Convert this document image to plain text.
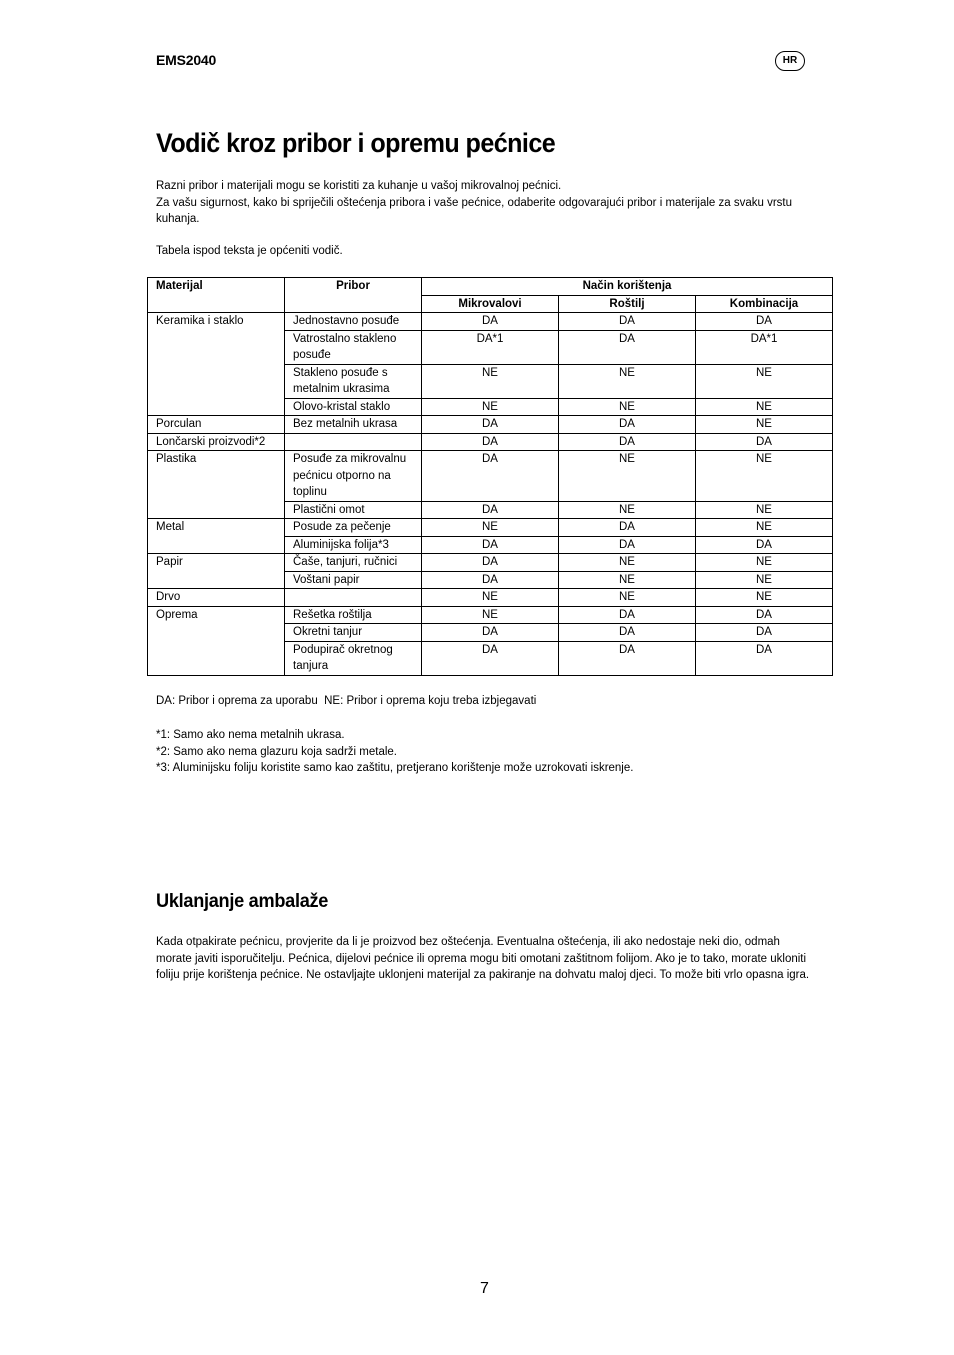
EMS2040	HR
Vodič kroz pribor i opremu pećnice

Razni pribor i materijali mogu se koristiti za kuhanje u vašoj mikrovalnoj pećnici.

Za vašu sigurnost, kako bi spriječili oštećenja pribora i vaše pećnice, odaberite odgovarajući pribor i materijale za svaku vrstu kuhanja.

Tabela ispod teksta je općeniti vodič.
Materijal	Pribor	Način korištenja		
		Mikrovalovi	Roštilj	Kombinacija
Keramika i staklo	Jednostavno posuđe	DA	DA	DA
	Vatrostalno stakleno posuđe	DA*1	DA	DA*1
	Stakleno posuđe s metalnim ukrasima	NE	NE	NE
	Olovo-kristal staklo	NE	NE	NE
Porculan	Bez metalnih ukrasa	DA	DA	NE
Lončarski proizvodi*2		DA	DA	DA
Plastika	Posuđe za mikrovalnu pećnicu otporno na toplinu	DA	NE	NE
	Plastični omot	DA	NE	NE
Metal	Posude za pečenje	NE	DA	NE
	Aluminijska folija*3	DA	DA	DA
Papir	Čaše, tanjuri, ručnici	DA	NE	NE
	Voštani papir	DA	NE	NE
Drvo		NE	NE	NE
Oprema	Rešetka roštilja	NE	DA	DA
	Okretni tanjur	DA	DA	DA
	Podupirač okretnog tanjura	DA	DA	DA
DA: Pribor i oprema za uporabu  NE: Pribor i oprema koju treba izbjegavati
*1: Samo ako nema metalnih ukrasa.
*2: Samo ako nema glazuru koja sadrži metale.
*3: Aluminijsku foliju koristite samo kao zaštitu, pretjerano korištenje može uzrokovati iskrenje.
Uklanjanje ambalaže
Kada otpakirate pećnicu, provjerite da li je proizvod bez oštećenja. Eventualna oštećenja, ili ako nedostaje neki dio, odmah morate javiti isporučitelju. Pećnica, dijelovi pećnice ili oprema mogu biti omotani zaštitnom folijom. Ako je to tako, morate ukloniti foliju prije korištenja pećnice. Ne ostavljajte uklonjeni materijal za pakiranje na dohvatu maloj djeci. To može biti vrlo opasna igra.
7
